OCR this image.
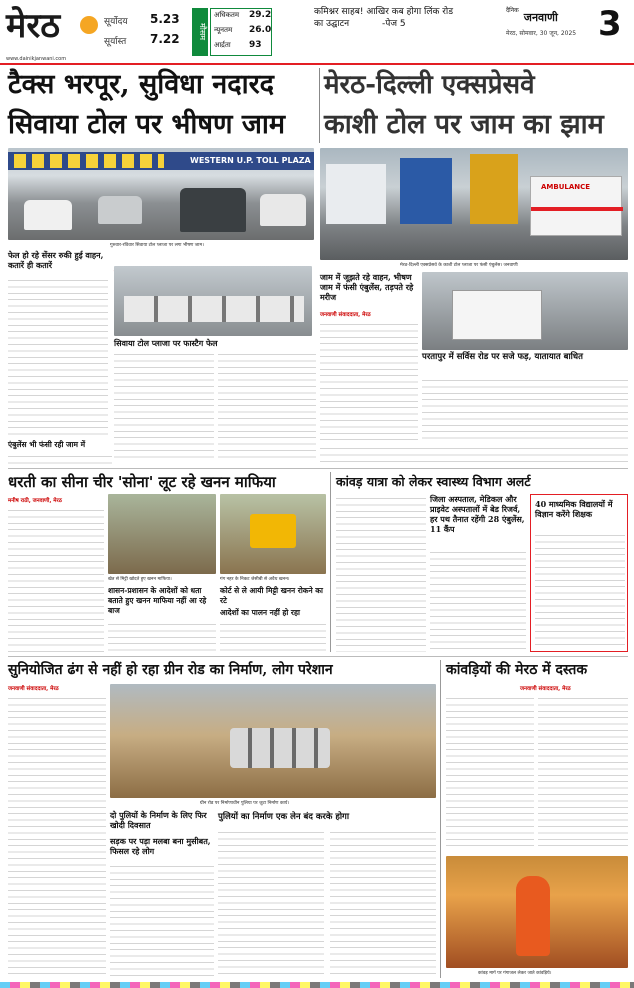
मेरठ	सूर्योदय 5.23
सूर्यास्त 7.22	मौसम
अधिकतम 29.2
न्यूनतम 26.0
आर्द्रता 93
कमिश्नर साहब! आखिर कब होगा लिंक रोड का उद्घाटन	-पेज 5
$^{दैनिक}$ जनवाणी
मेरठ, सोमवार, 30 जून, 2025 3
www.dainikjanwani.com
टैक्स भरपूर, सुविधा नदारद
सिवाया टोल पर भीषण जाम
मेरठ-दिल्ली एक्सप्रेसवे
काशी टोल पर जाम का झाम
WESTERN U.P. TOLL PLAZA
AMBULANCE
गुरुवार-रविवार सिवाया टोल प्लाजा पर लगा भीषण जाम।
मेरठ-दिल्ली एक्सप्रेसवे के काशी टोल प्लाजा पर फंसी एंबुलेंस। जनवाणी
फेल हो रहे सेंसर रुकी हुई वाहन, कतारें ही कतारें
सिवाया टोल प्लाजा पर फास्टैग फेल
एंबुलेंस भी फंसी रही जाम में
जाम में जूझते रहे वाहन, भीषण जाम में फंसी एंबुलेंस, तड़पते रहे मरीज
जनवाणी संवाददाता, मेरठ
परतापुर में सर्विस रोड पर सजे फड़, यातायात बाधित
धरती का सीना चीर 'सोना' लूट रहे खनन माफिया	कांवड़ यात्रा को लेकर स्वास्थ्य विभाग अलर्ट
मनीष राठी, जनवाणी, मेरठ
खेत से मिट्टी खोदते हुए खनन माफिया।	गंग नहर के निकट जेसीबी से अवैध खनन।
शासन-प्रशासन के आदेशों को धता बताते हुए खनन माफिया नहीं आ रहे बाज
कोर्ट से ले आयी मिट्टी खनन रोकने का रटे
आदेशों का पालन नहीं हो रहा
जिला अस्पताल, मेडिकल और प्राइवेट अस्पतालों में बेड रिजर्व, हर पथ तैनात रहेंगी 28 एंबुलेंस, 11 कैंप
40 माध्यमिक विद्यालयों में विज्ञान करेंगे शिक्षक
सुनियोजित ढंग से नहीं हो रहा ग्रीन रोड का निर्माण, लोग परेशान	कांवड़ियों की मेरठ में दस्तक
जनवाणी संवाददाता, मेरठ
ग्रीन रोड पर निर्माणाधीन पुलिया पर जुटा निर्माण कार्य।
दो पुलियों के निर्माण के लिए फिर खोदी दिवसात
सड़क पर पड़ा मलबा बना मुसीबत, फिसल रहे लोग
पुलियों का निर्माण एक लेन बंद करके होगा
जनवाणी संवाददाता, मेरठ
कांवड़ मार्ग पर गंगाजल लेकर जाते कांवड़िये।
